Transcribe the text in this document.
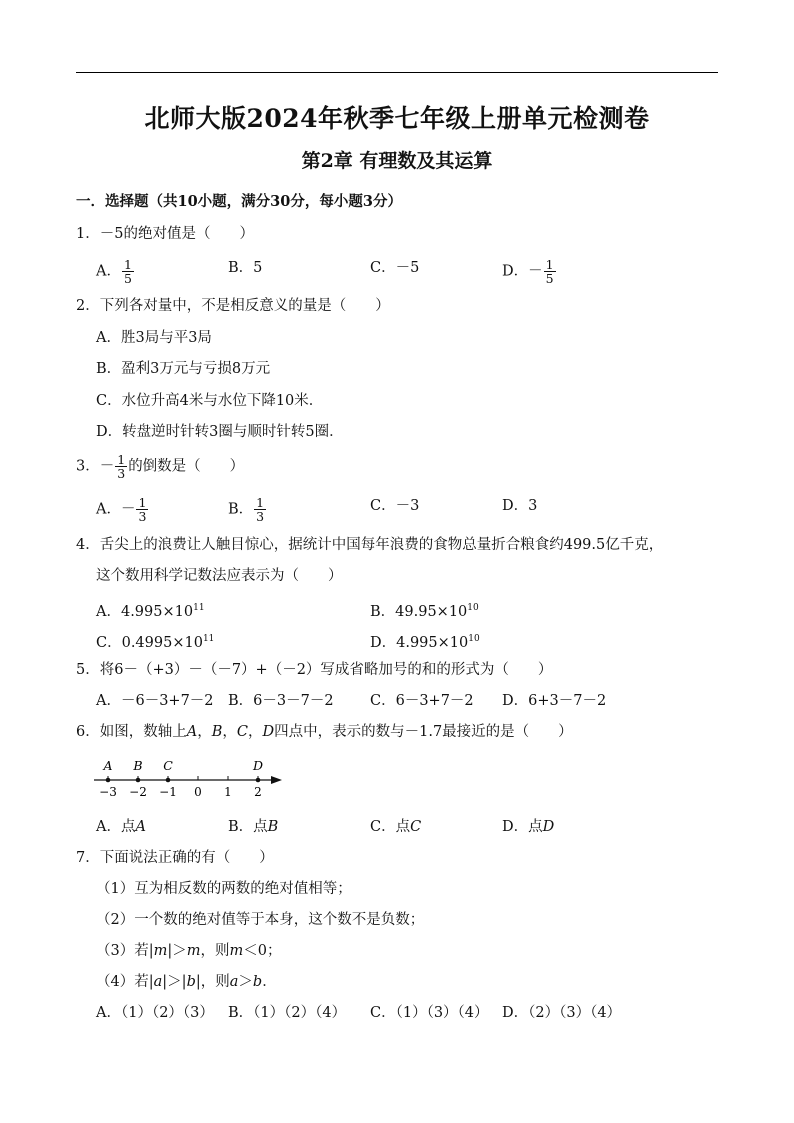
北师大版2024年秋季七年级上册单元检测卷
第2章 有理数及其运算
一．选择题（共10小题，满分30分，每小题3分）
1．－5的绝对值是（　　）
A． $\frac{1}{5}$	B．5	C．－5	D．－ $\frac{1}{5}$
2．下列各对量中，不是相反意义的量是（　　）
A．胜3局与平3局
B．盈利3万元与亏损8万元
C．水位升高4米与水位下降10米．
D．转盘逆时针转3圈与顺时针转5圈．
3．－ $\frac{1}{3}$ 的倒数是（　　）
A．－ $\frac{1}{3}$	B． $\frac{1}{3}$	C．－3	D．3
4．舌尖上的浪费让人触目惊心，据统计中国每年浪费的食物总量折合粮食约499.5亿千克，
这个数用科学记数法应表示为（　　）
A．$4.995\times 10^{11}$	B．$49.95\times 10^{10}$
C．$0.4995\times 10^{11}$	D．$4.995\times 10^{10}$
5．将6－（+3）－（－7）+（－2）写成省略加号的和的形式为（　　）
A．－6－3+7－2 B．6－3－7－2	C．6－3+7－2 D．6+3－7－2
6．如图，数轴上A，B，C，D四点中，表示的数与－1.7最接近的是（　　）
−3 −2 −1 0 1 2
A B C	D
A．点A	B．点B	C．点C	D．点D
7．下面说法正确的有（　　）
（1）互为相反数的两数的绝对值相等；
（2）一个数的绝对值等于本身，这个数不是负数；
（3）若|m|＞m，则m＜0；
（4）若|a|＞|b|，则a＞b．
A．（1）（2）（3） B．（1）（2）（4） C．（1）（3）（4） D．（2）（3）（4）
